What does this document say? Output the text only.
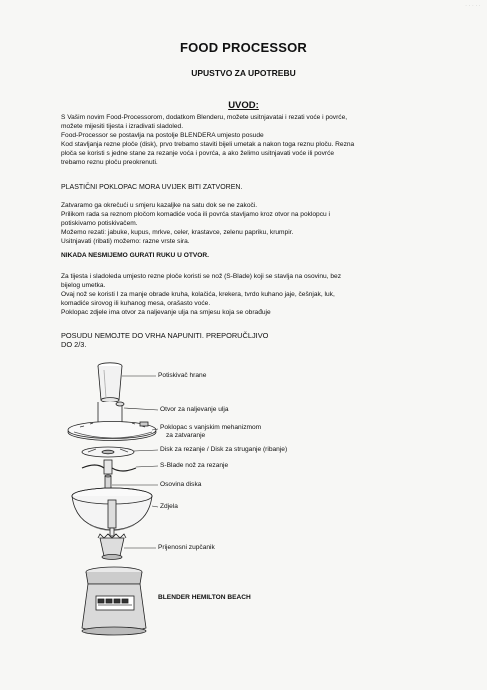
· · · · ·
FOOD PROCESSOR
UPUSTVO ZA UPOTREBU
UVOD:
S Vašim novim Food-Processorom, dodatkom Blenderu, možete usitnjavatai i rezati voće i povrće,
možete mijesiti tijesta i izradivati sladoled.
Food-Processor se postavlja na postolje BLENDERA umjesto posude
Kod stavljanja rezne ploče (disk), prvo trebamo staviti bijeli umetak a nakon toga reznu ploču. Rezna
ploča se koristi s jedne stane za rezanje voća i povrća, a ako želimo usitnjavati voće ili povrće
trebamo reznu ploču preokrenuti.
PLASTIČNI POKLOPAC MORA UVIJEK BITI ZATVOREN.
Zatvaramo ga okrečući u smjeru kazaljke na satu dok se ne zakoči.
Prilikom rada sa reznom pločom komadiće voća ili povrća stavljamo kroz otvor na poklopcu i
potiskivamo potiskivačem.
Možemo rezati: jabuke, kupus, mrkve, celer, krastavce, zelenu papriku, krumpir.
Usitnjavati (ribati) možemo: razne vrste sira.
NIKADA NESMIJEMO GURATI RUKU U OTVOR.
Za tijesta i sladoleda umjesto rezne ploče koristi se nož (S-Blade) koji se stavlja na osovinu, bez
bijelog umetka.
Ovaj nož se koristi I za manje obrade kruha, kolačića, krekera, tvrdo kuhano jaje, češnjak, luk,
komadiće sirovog ili kuhanog mesa, orašasto voće.
Poklopac zdjele ima otvor za naljevanje ulja na smjesu koja se obrađuje
POSUDU NEMOJTE DO VRHA NAPUNITI. PREPORUČLJIVO
DO 2/3.
HAMILTON BEACH
Potiskivač hrane
Otvor za naljevanje ulja
Poklopac s vanjskim mehanizmom
za zatvaranje
Disk za rezanje / Disk za struganje (ribanje)
S-Blade nož za rezanje
Osovina diska
Zdjela
Prijenosni zupčanik
BLENDER HEMILTON BEACH
